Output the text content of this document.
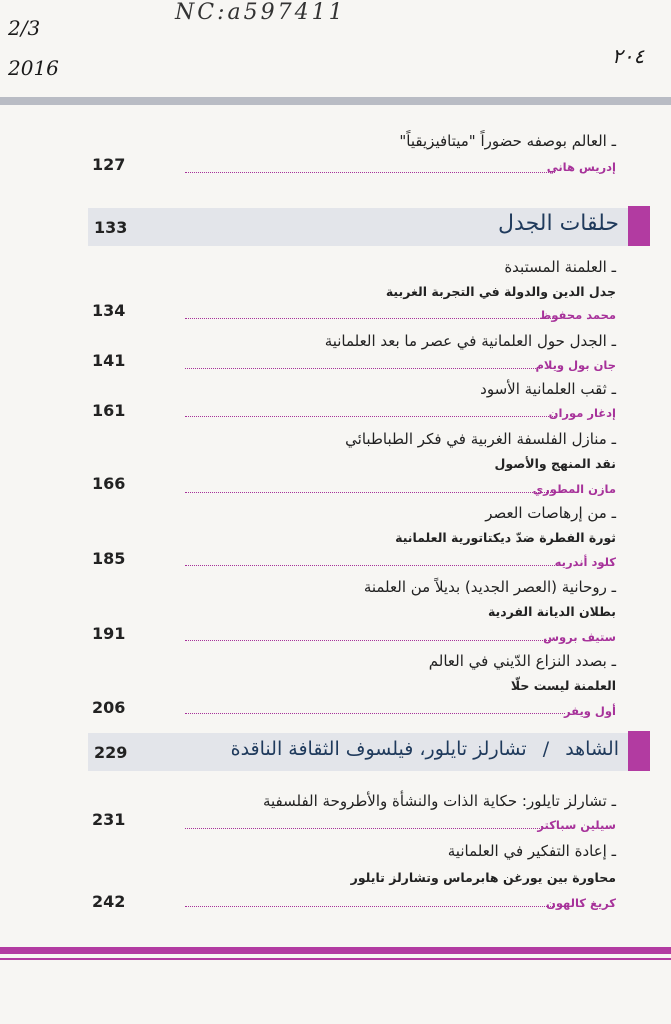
2/3
2016
NC:a597411
٢٠٤
ـ العالم بوصفه حضوراً "ميتافيزيقياً"
إدريس هاني
127
حلقات الجدل
133
ـ العلمنة المستبدة
جدل الدين والدولة في التجربة الغربية
محمد محفوظ
134
ـ الجدل حول العلمانية في عصر ما بعد العلمانية
جان بول ويلام
141
ـ ثقب العلمانية الأسود
إدغار موران
161
ـ منازل الفلسفة الغربية في فكر الطباطبائي
نقد المنهج والأصول
مازن المطوري
166
ـ من إرهاصات العصر
ثورة الفطرة ضدّ ديكتاتورية العلمانية
كلود أندريه
185
ـ روحانية (العصر الجديد) بديلاً من العلمنة
بطلان الديانة الفردية
ستيف بروس
191
ـ بصدد النزاع الدّيني في العالم
العلمنة ليست حلّا
أول ويفر
206
الشاهد / تشارلز تايلور، فيلسوف الثقافة الناقدة
229
ـ تشارلز تايلور: حكاية الذات والنشأة والأطروحة الفلسفية
سيلين سباكتر
231
ـ إعادة التفكير في العلمانية
محاورة بين يورغن هابرماس وتشارلز تايلور
كريغ كالهون
242
